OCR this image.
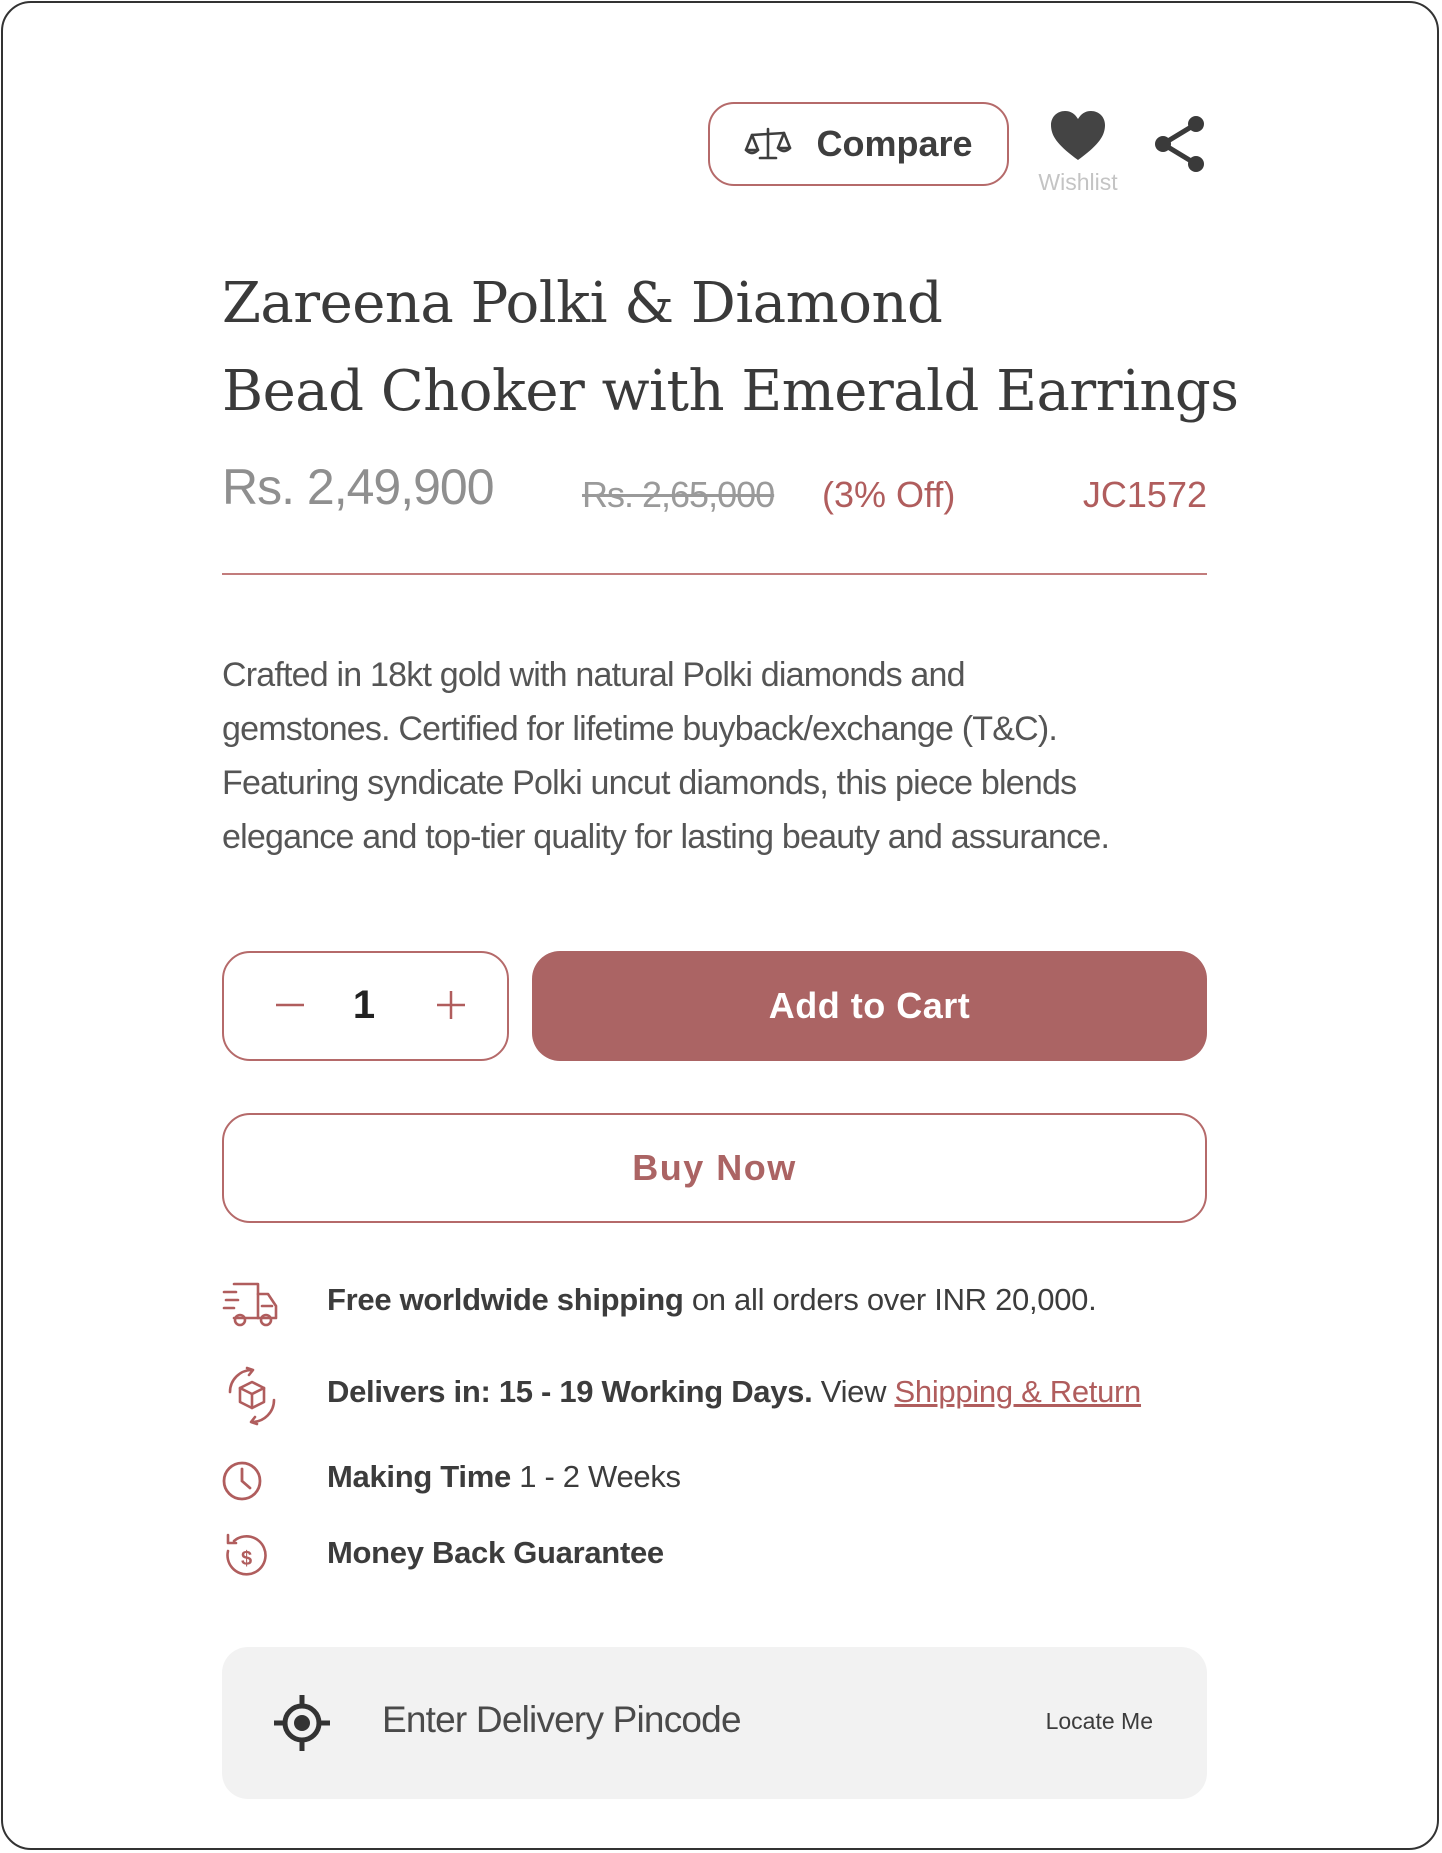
Compare
Wishlist
Zareena Polki & Diamond
Bead Choker with Emerald Earrings
Rs. 2,49,900 Rs. 2,65,000 (3% Off)	JC1572
Crafted in 18kt gold with natural Polki diamonds and
gemstones. Certified for lifetime buyback/exchange (T&C).
Featuring syndicate Polki uncut diamonds, this piece blends
elegance and top-tier quality for lasting beauty and assurance.
1	Add to Cart
Buy Now
Free worldwide shipping on all orders over INR 20,000.
Delivers in: 15 - 19 Working Days. View Shipping & Return
Making Time 1 - 2 Weeks
$ Money Back Guarantee
Enter Delivery Pincode	Locate Me
